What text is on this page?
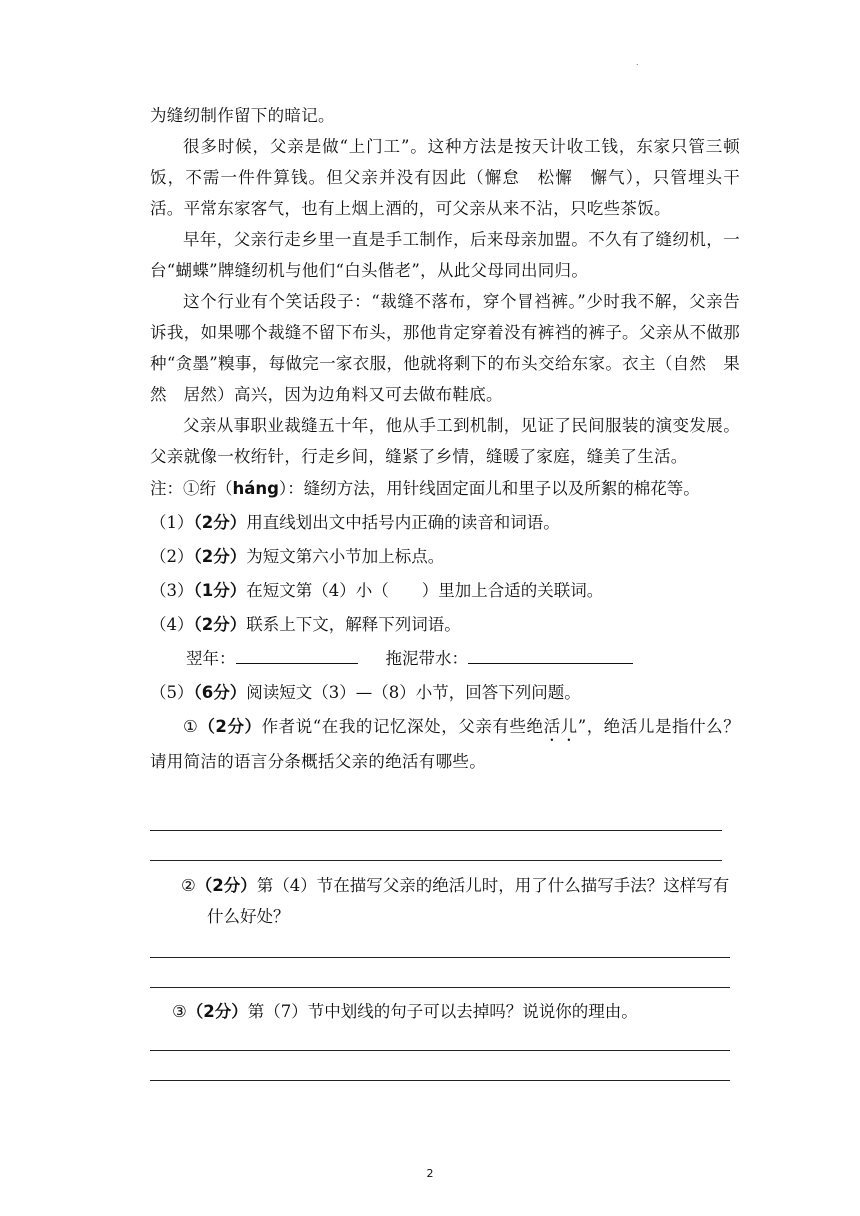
.

为缝纫制作留下的暗记。

很多时候，父亲是做“上门工”。这种方法是按天计收工钱，东家只管三顿饭，不需一件件算钱。但父亲并没有因此（懈怠　松懈　懈气），只管埋头干活。平常东家客气，也有上烟上酒的，可父亲从来不沾，只吃些茶饭。

早年，父亲行走乡里一直是手工制作，后来母亲加盟。不久有了缝纫机，一台“蝴蝶”牌缝纫机与他们“白头偕老”，从此父母同出同归。

这个行业有个笑话段子：“裁缝不落布，穿个冒裆裤。”少时我不解，父亲告诉我，如果哪个裁缝不留下布头，那他肯定穿着没有裤裆的裤子。父亲从不做那种“贪墨”糗事，每做完一家衣服，他就将剩下的布头交给东家。衣主（自然　果然　居然）高兴，因为边角料又可去做布鞋底。

父亲从事职业裁缝五十年，他从手工到机制，见证了民间服装的演变发展。父亲就像一枚绗针，行走乡间，缝紧了乡情，缝暖了家庭，缝美了生活。

注：①绗（háng）：缝纫方法，用针线固定面儿和里子以及所絮的棉花等。
（1）（2分）用直线划出文中括号内正确的读音和词语。
（2）（2分）为短文第六小节加上标点。
（3）（1分）在短文第（4）小（　　）里加上合适的关联词。
（4）（2分）联系上下文，解释下列词语。
翌年：	拖泥带水：
（5）（6分）阅读短文（3）—（8）小节，回答下列问题。

①（2分）作者说“在我的记忆深处，父亲有些绝活儿”，绝活儿是指什么？请用简洁的语言分条概括父亲的绝活有哪些。

②（2分）第（4）节在描写父亲的绝活儿时，用了什么描写手法？这样写有什么好处？
③（2分）第（7）节中划线的句子可以去掉吗？说说你的理由。
2
